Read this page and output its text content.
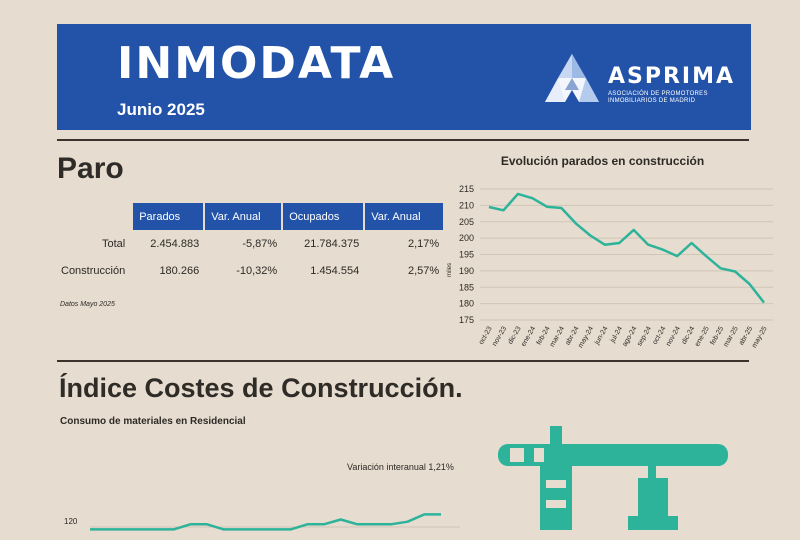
INMODATA
Junio 2025
ASPRIMA
ASOCIACIÓN DE PROMOTORES INMOBILIARIOS DE MADRID
Paro
	Parados	Var. Anual	Ocupados	Var. Anual
Total	2.454.883	-5,87%	21.784.375	2,17%
Construcción	180.266	-10,32%	1.454.554	2,57%
Datos Mayo 2025
Evolución parados en construcción
175
180
185
190
195
200
205
210
215
miles
oct-23
nov-23
dic-23
ene-24
feb-24
mar-24
abr-24
may-24
jun-24 jul-24
ago-24
sep-24
oct-24
nov-24
dic-24
ene-25
feb-25
mar-25
abr-25
may-25
Índice Costes de Construcción.
Consumo de materiales en Residencial
Variación interanual 1,21%
120
